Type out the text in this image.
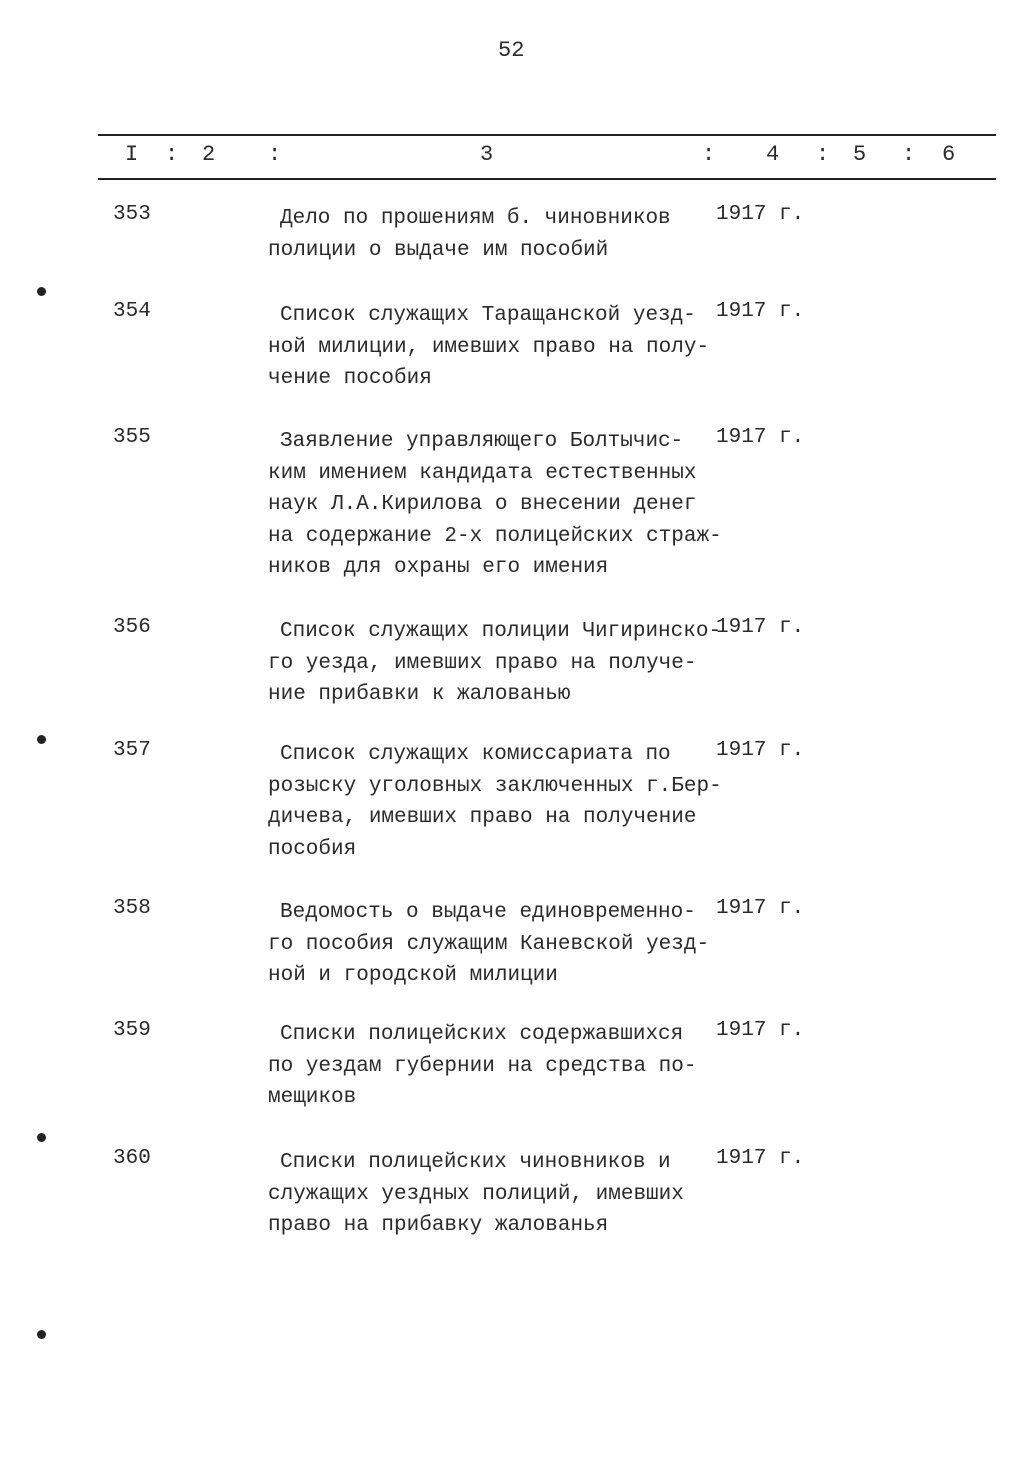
52
I : 2 :	3	: 4 : 5 : 6
353	Дело по прошениям б. чиновников
полиции о выдаче им пособий
1917 г.
354	Список служащих Таращанской уезд-
ной милиции, имевших право на полу-
чение пособия
1917 г.
355	Заявление управляющего Болтычис-
ким имением кандидата естественных
наук Л.А.Кирилова о внесении денег
на содержание 2-х полицейских страж-
ников для охраны его имения
1917 г.
356	Список служащих полиции Чигиринско-
го уезда, имевших право на получе-
ние прибавки к жалованью
1917 г.
357	Список служащих комиссариата по
розыску уголовных заключенных г.Бер-
дичева, имевших право на получение
пособия
1917 г.
358	Ведомость о выдаче единовременно-
го пособия служащим Каневской уезд-
ной и городской милиции
1917 г.
359	Списки полицейских содержавшихся
по уездам губернии на средства по-
мещиков
1917 г.
360	Списки полицейских чиновников и
служащих уездных полиций, имевших
право на прибавку жалованья
1917 г.
